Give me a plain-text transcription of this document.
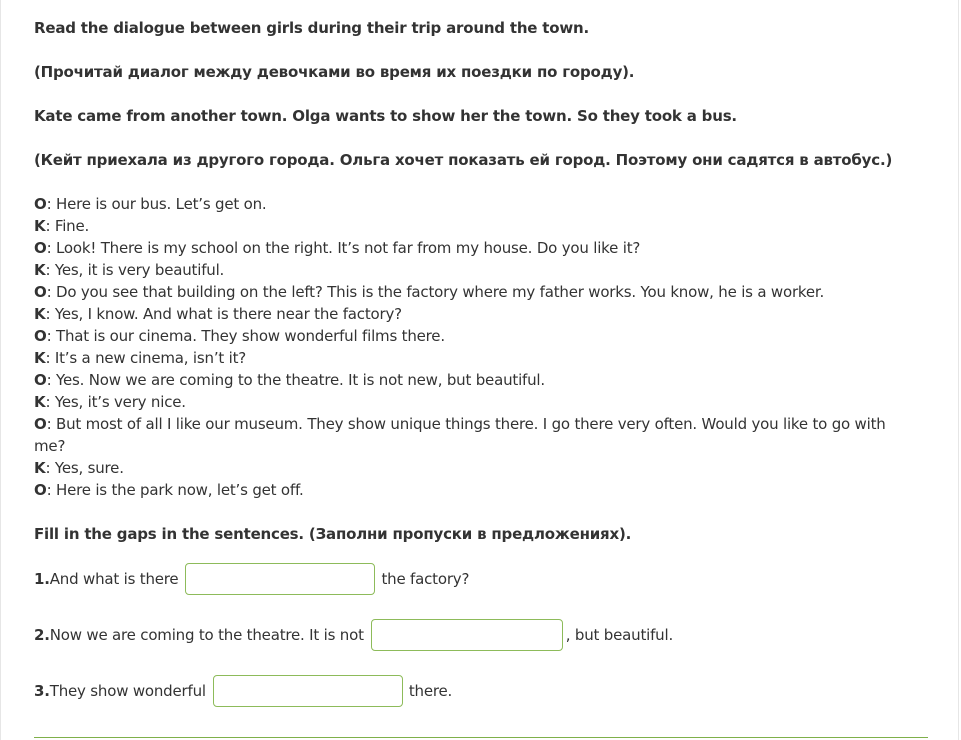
Read the dialogue between girls during their trip around the town.
(Прочитай диалог между девочками во время их поездки по городу).
Kate came from another town. Olga wants to show her the town. So they took a bus.
(Кейт приехала из другого города. Ольга хочет показать ей город. Поэтому они садятся в автобус.)
O: Here is our bus. Let’s get on.
K: Fine.
O: Look! There is my school on the right. It’s not far from my house. Do you like it?
K: Yes, it is very beautiful.
O: Do you see that building on the left? This is the factory where my father works. You know, he is a worker.
K: Yes, I know. And what is there near the factory?
O: That is our cinema. They show wonderful films there.
K: It’s a new cinema, isn’t it?
O: Yes. Now we are coming to the theatre. It is not new, but beautiful.
K: Yes, it’s very nice.
O: But most of all I like our museum. They show unique things there. I go there very often. Would you like to go with me?
K: Yes, sure.
O: Here is the park now, let’s get off.
Fill in the gaps in the sentences. (Заполни пропуски в предложениях).
1. And what is there	the factory?
2. Now we are coming to the theatre. It is not	, but beautiful.
3. They show wonderful	there.
